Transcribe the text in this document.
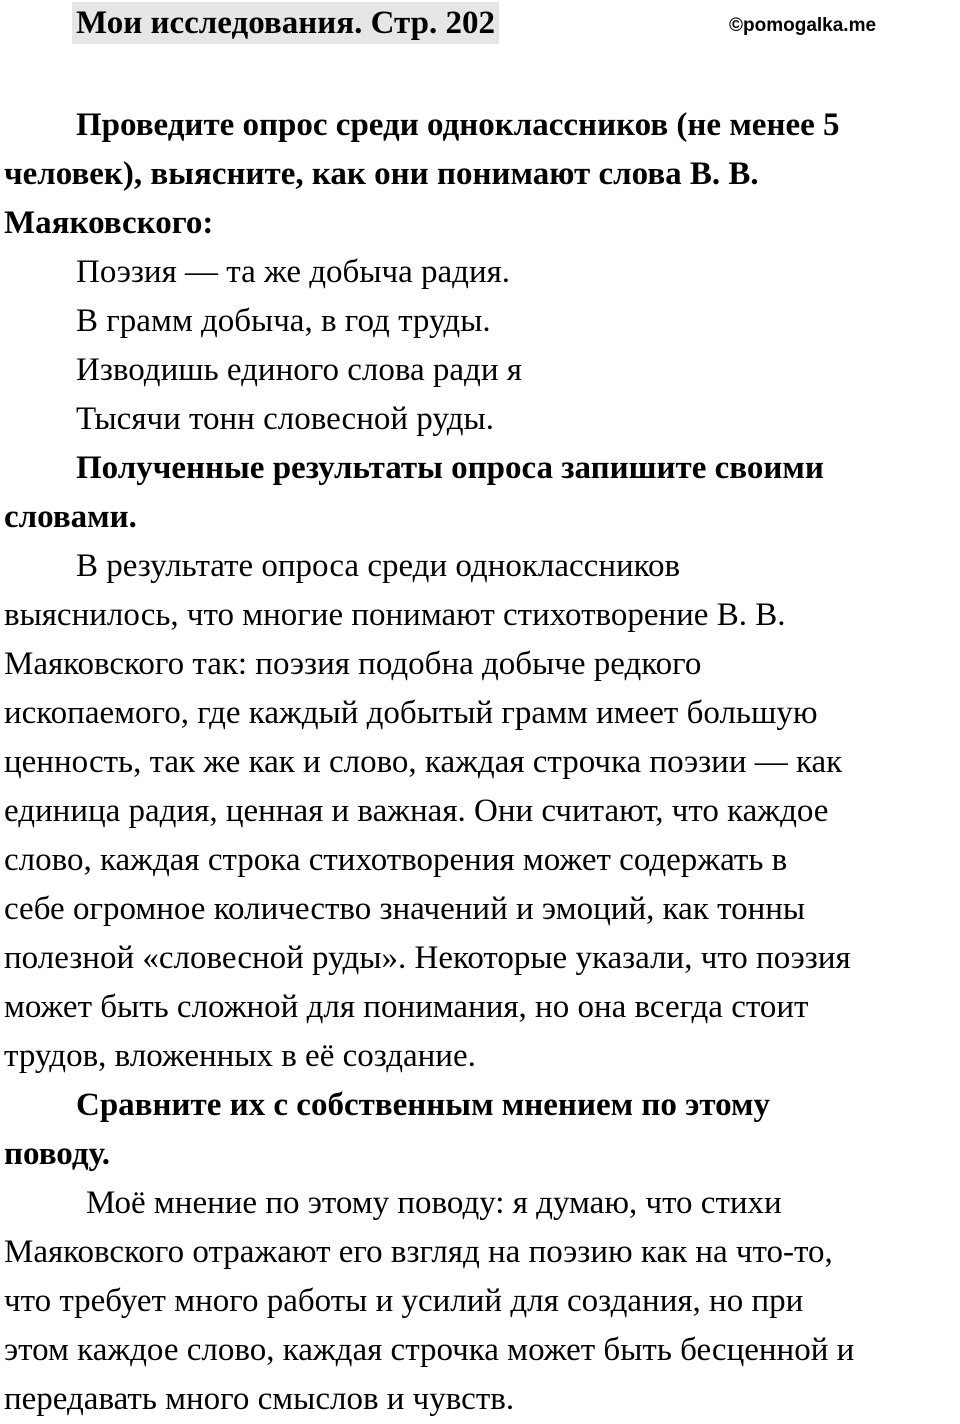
Мои исследования. Стр. 202	©pomogalka.me

Проведите опрос среди одноклассников (не менее 5
человек), выясните, как они понимают слова В. В.
Маяковского:

Поэзия — та же добыча радия.

В грамм добыча, в год труды.

Изводишь единого слова ради я

Тысячи тонн словесной руды.

Полученные результаты опроса запишите своими
словами.

В результате опроса среди одноклассников
выяснилось, что многие понимают стихотворение В. В.
Маяковского так: поэзия подобна добыче редкого
ископаемого, где каждый добытый грамм имеет большую
ценность, так же как и слово, каждая строчка поэзии — как
единица радия, ценная и важная. Они считают, что каждое
слово, каждая строка стихотворения может содержать в
себе огромное количество значений и эмоций, как тонны
полезной «словесной руды». Некоторые указали, что поэзия
может быть сложной для понимания, но она всегда стоит
трудов, вложенных в её создание.

Сравните их с собственным мнением по этому
поводу.

Моё мнение по этому поводу: я думаю, что стихи
Маяковского отражают его взгляд на поэзию как на что-то,
что требует много работы и усилий для создания, но при
этом каждое слово, каждая строчка может быть бесценной и
передавать много смыслов и чувств.
